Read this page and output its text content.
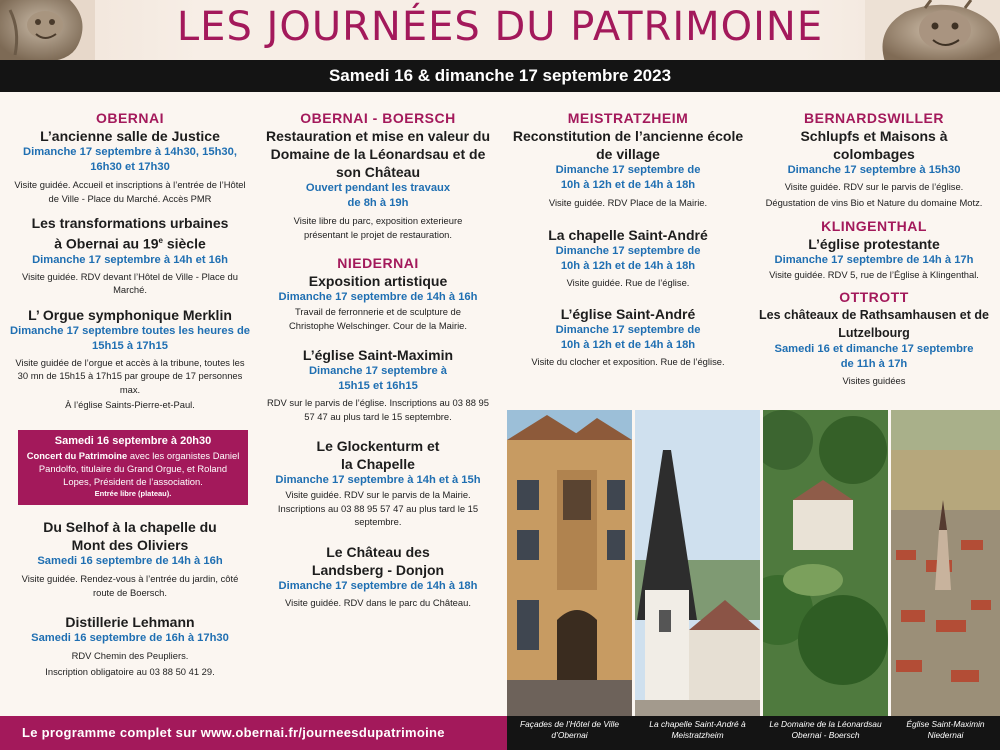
LES JOURNÉES DU PATRIMOINE
Samedi 16 & dimanche 17 septembre 2023
OBERNAI
L’ancienne salle de Justice
Dimanche 17 septembre à 14h30, 15h30, 16h30 et 17h30
Visite guidée. Accueil et inscriptions à l’entrée de l’Hôtel de Ville - Place du Marché. Accès PMR
Les transformations urbaines
à Obernai au 19e siècle
Dimanche 17 septembre à 14h et 16h
Visite guidée. RDV devant l’Hôtel de Ville - Place du Marché.
L’ Orgue symphonique Merklin
Dimanche 17 septembre toutes les heures de 15h15 à 17h15
Visite guidée de l’orgue et accès à la tribune, toutes les 30 mn de 15h15 à 17h15 par groupe de 17 personnes max.
À l’église Saints-Pierre-et-Paul.
Samedi 16 septembre à 20h30
Concert du Patrimoine avec les organistes Daniel Pandolfo, titulaire du Grand Orgue, et Roland Lopes, Président de l’association.
Entrée libre (plateau).
Du Selhof à la chapelle du Mont des Oliviers
Samedi 16 septembre de 14h à 16h
Visite guidée. Rendez-vous à l’entrée du jardin, côté route de Boersch.
Distillerie Lehmann
Samedi 16 septembre de 16h à 17h30
RDV Chemin des Peupliers.
Inscription obligatoire au 03 88 50 41 29.
OBERNAI - BOERSCH
Restauration et mise en valeur du Domaine de la Léonardsau et de son Château
Ouvert pendant les travaux de 8h à 19h
Visite libre du parc, exposition exterieure présentant le projet de restauration.
NIEDERNAI
Exposition artistique
Dimanche 17 septembre de 14h à 16h
Travail de ferronnerie et de sculpture de Christophe Welschinger. Cour de la Mairie.
L’église Saint-Maximin
Dimanche 17 septembre à 15h15 et 16h15
RDV sur le parvis de l’église. Inscriptions au 03 88 95 57 47 au plus tard le 15 septembre.
Le Glockenturm et la Chapelle
Dimanche 17 septembre à 14h et à 15h
Visite guidée. RDV sur le parvis de la Mairie. Inscriptions au 03 88 95 57 47 au plus tard le 15 septembre.
Le Château des Landsberg - Donjon
Dimanche 17 septembre de 14h à 18h
Visite guidée. RDV dans le parc du Château.
MEISTRATZHEIM
Reconstitution de l’ancienne école de village
Dimanche 17 septembre de 10h à 12h et de 14h à 18h
Visite guidée. RDV Place de la Mairie.
La chapelle Saint-André
Dimanche 17 septembre de 10h à 12h et de 14h à 18h
Visite guidée. Rue de l’église.
L’église Saint-André
Dimanche 17 septembre de 10h à 12h et de 14h à 18h
Visite du clocher et exposition. Rue de l’église.
BERNARDSWILLER
Schlupfs et Maisons à colombages
Dimanche 17 septembre à 15h30
Visite guidée. RDV sur le parvis de l’église.
Dégustation de vins Bio et Nature du domaine Motz.
KLINGENTHAL
L’église protestante
Dimanche 17 septembre de 14h à 17h
Visite guidée. RDV 5, rue de l’Église à Klingenthal.
OTTROTT
Les châteaux de Rathsamhausen et de Lutzelbourg
Samedi 16 et dimanche 17 septembre de 11h à 17h
Visites guidées
Façades de l’Hôtel de Ville d’Obernai
La chapelle Saint-André à Meistratzheim
Le Domaine de la Léonardsau Obernai - Boersch
Église Saint-Maximin Niedernai
Le programme complet sur www.obernai.fr/journeesdupatrimoine
